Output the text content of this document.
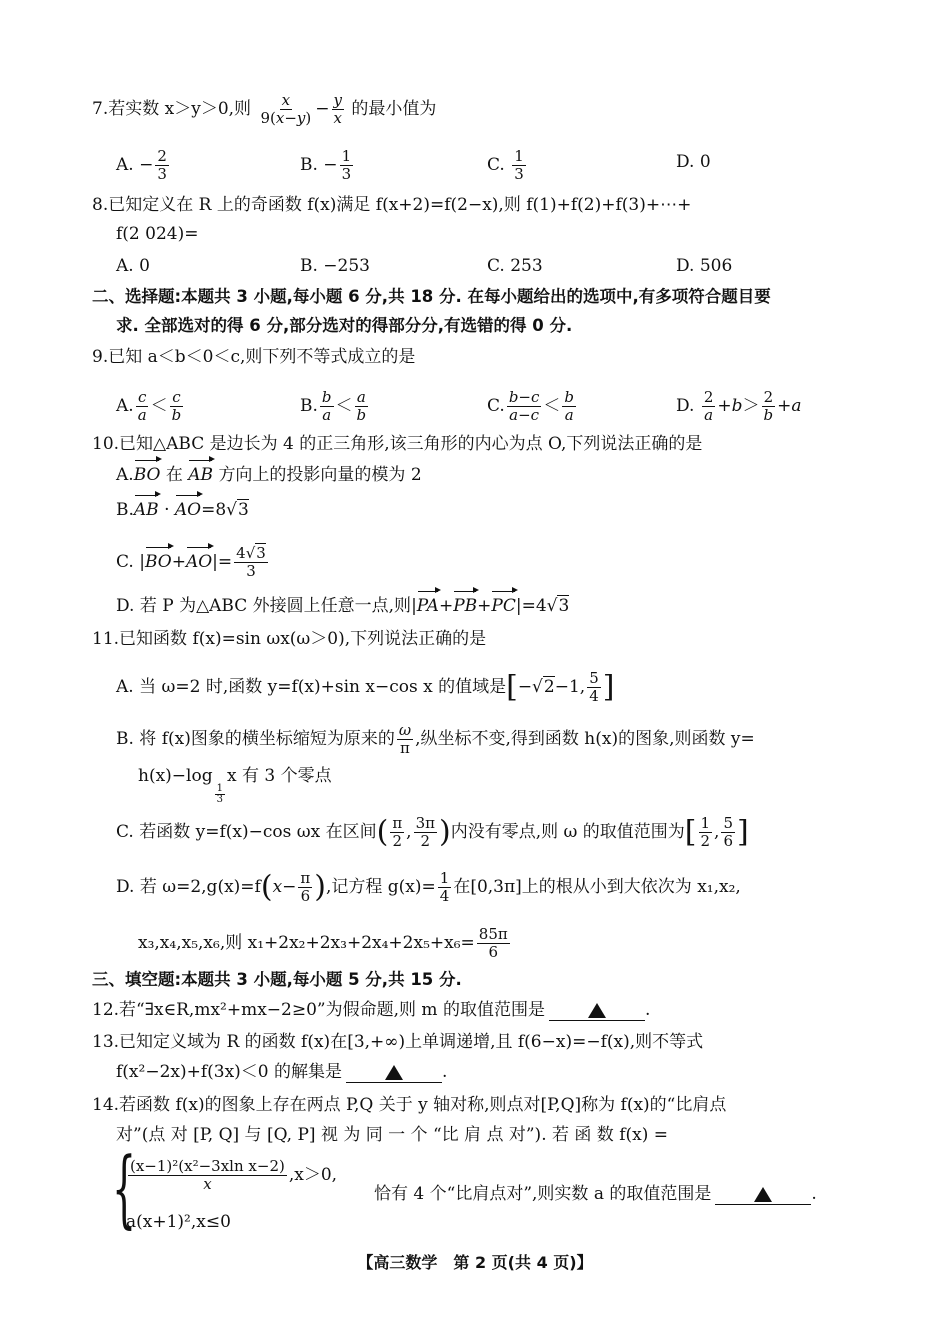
7.若实数 x＞y＞0,则 $\frac{x}{9(x-y)} - \frac{y}{x}$ 的最小值为
A. − $\frac{2}{3}$	B. − $\frac{1}{3}$	C. $\frac{1}{3}$	D. 0
8.已知定义在 R 上的奇函数 f(x)满足 f(x+2)=f(2−x),则 f(1)+f(2)+f(3)+⋯+
f(2 024)=
A. 0	B. −253	C. 253	D. 506
二、选择题:本题共 3 小题,每小题 6 分,共 18 分. 在每小题给出的选项中,有多项符合题目要
求. 全部选对的得 6 分,部分选对的得部分分,有选错的得 0 分.
9.已知 a＜b＜0＜c,则下列不等式成立的是
A. $\frac{c}{a} < \frac{c}{b}$	B. $\frac{b}{a} < \frac{a}{b}$	C. $\frac{b-c}{a-c} < \frac{b}{a}$	D. $\frac{2}{a} +b> \frac{2}{b} +a$
10.已知△ABC 是边长为 4 的正三角形,该三角形的内心为点 O,下列说法正确的是
A.BO 在 AB 方向上的投影向量的模为 2
B.AB · AO=8√3
C. $|BO+AO|= \frac{4√3}{3}$
D. 若 P 为△ABC 外接圆上任意一点,则|PA+PB+PC|=4√3
11.已知函数 f(x)=sin ωx(ω＞0),下列说法正确的是
A. 当 ω=2 时,函数 y=f(x)+sin x−cos x 的值域是[−√2−1, $\frac{5}{4}$ ]
B. 将 f(x)图象的横坐标缩短为原来的 $\frac{\omega}{\pi}$ ,纵坐标不变,得到函数 h(x)的图象,则函数 y=
h(x)−log
$\frac{1}{3}$
x 有 3 个零点
C. 若函数 y=f(x)−cos ωx 在区间( $\frac{\pi}{2}$ , $\frac{3\pi}{2}$ )内没有零点,则 ω 的取值范围为[ $\frac{1}{2}$ , $\frac{5}{6}$ ]
D. 若 $\omega=2,g(x)=f(x- \frac{\pi}{6}$ ),记方程 $g(x)= \frac{1}{4}$ 在[0,3π]上的根从小到大依次为 x₁,x₂,
x₃,x₄,x₅,x₆,则 $x_1+2x_2+2x_3+2x_4+2x_5+x_6= \frac{85\pi}{6}$
三、填空题:本题共 3 小题,每小题 5 分,共 15 分.
12.若“∃x∈R,mx²+mx−2≥0”为假命题,则 m 的取值范围是	.
13.已知定义域为 R 的函数 f(x)在[3,+∞)上单调递增,且 f(6−x)=−f(x),则不等式
f(x²−2x)+f(3x)＜0 的解集是	.
14.若函数 f(x)的图象上存在两点 P,Q 关于 y 轴对称,则点对[P,Q]称为 f(x)的“比肩点
对”(点 对 [P, Q] 与 [Q, P] 视 为 同 一 个 “比 肩 点 对”). 若 函 数 f(x) =
{
$\frac{\text{(x−1)²(x²−3xln x−2)}}{x} ,x>0$,
a(x+1)²,x≤0
恰有 4 个“比肩点对”,则实数 a 的取值范围是	.
【高三数学　第 2 页(共 4 页)】
